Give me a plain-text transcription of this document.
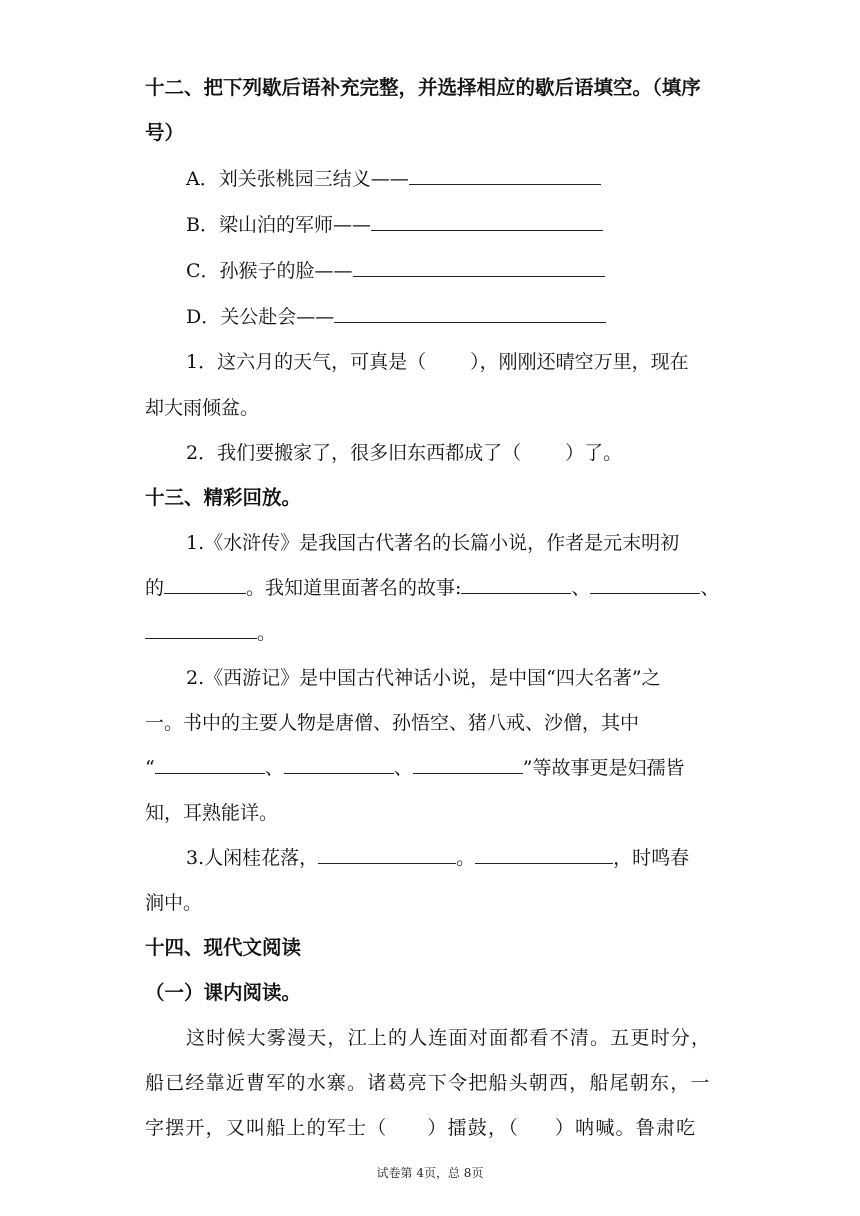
十二、把下列歇后语补充完整，并选择相应的歇后语填空。（填序
号）
A．刘关张桃园三结义——
B．梁山泊的军师——
C．孙猴子的脸——
D．关公赴会——
1．这六月的天气，可真是（ ），刚刚还晴空万里，现在
却大雨倾盆。
2．我们要搬家了，很多旧东西都成了（ ）了。
十三、精彩回放。
1.《水浒传》是我国古代著名的长篇小说，作者是元末明初
的	。我知道里面著名的故事:	、	、
。
2.《西游记》是中国古代神话小说，是中国“四大名著”之
一。书中的主要人物是唐僧、孙悟空、猪八戒、沙僧，其中
“	、	、	”等故事更是妇孺皆
知，耳熟能详。
3.人闲桂花落，	。	，时鸣春
涧中。
十四、现代文阅读
（一）课内阅读。
这时候大雾漫天，江上的人连面对面都看不清。五更时分，
船已经靠近曹军的水寨。诸葛亮下令把船头朝西，船尾朝东，一
字摆开，又叫船上的军士（ ）擂鼓，（ ）呐喊。鲁肃吃
试卷第 4页，总 8页
